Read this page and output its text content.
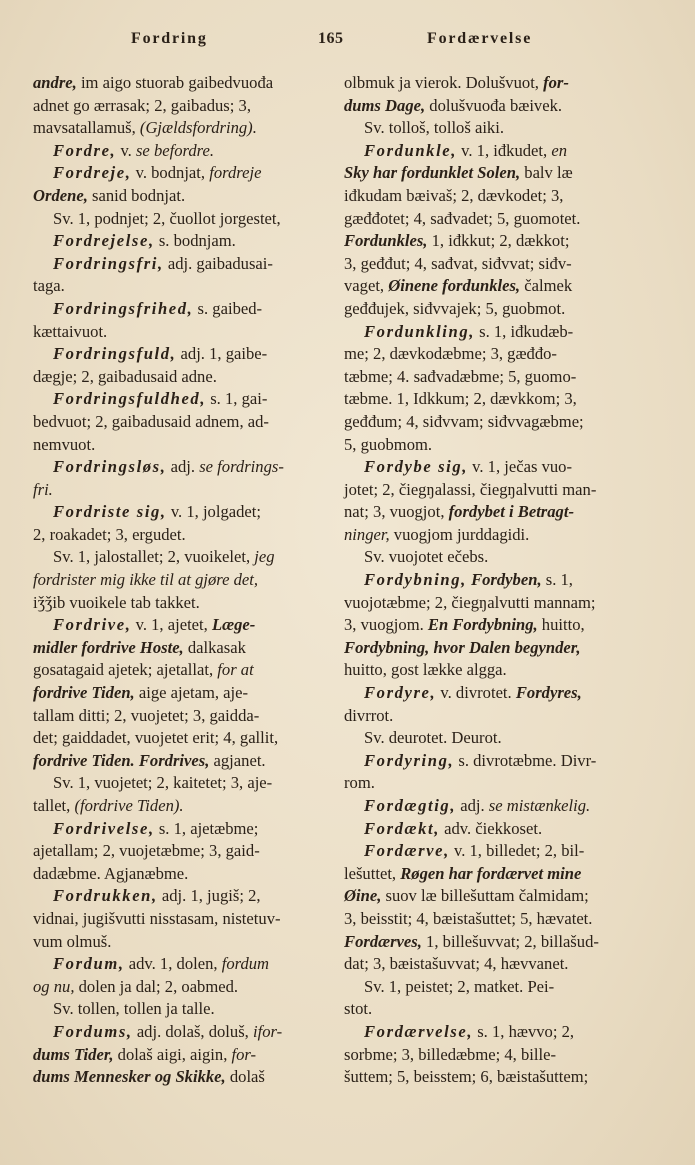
Fordring	165	Fordærvelse
andre, im aigo stuorab gaibedvuođa
adnet go ærrasak; 2, gaibadus; 3,
mavsatallamuš, (Gjældsfordring).
Fordre, v. se befordre.
Fordreje, v. bodnjat, fordreje
Ordene, sanid bodnjat.
Sv. 1, podnjet; 2, čuollot jorgestet,
Fordrejelse, s. bodnjam.
Fordringsfri, adj. gaibadusai-
taga.
Fordringsfrihed, s. gaibed-
kættaivuot.
Fordringsfuld, adj. 1, gaibe-
dægje; 2, gaibadusaid adne.
Fordringsfuldhed, s. 1, gai-
bedvuot; 2, gaibadusaid adnem, ad-
nemvuot.
Fordringsløs, adj. se fordrings-
fri.
Fordriste sig, v. 1, jolgadet;
2, roakadet; 3, ergudet.
Sv. 1, jalostallet; 2, vuoikelet, jeg
fordrister mig ikke til at gjøre det,
iǯǯib vuoikele tab takket.
Fordrive, v. 1, ajetet, Læge-
midler fordrive Hoste, dalkasak
gosatagaid ajetek; ajetallat, for at
fordrive Tiden, aige ajetam, aje-
tallam ditti; 2, vuojetet; 3, gaidda-
det; gaiddadet, vuojetet erit; 4, gallit,
fordrive Tiden. Fordrives, agjanet.
Sv. 1, vuojetet; 2, kaitetet; 3, aje-
tallet, (fordrive Tiden).
Fordrivelse, s. 1, ajetæbme;
ajetallam; 2, vuojetæbme; 3, gaid-
dadæbme. Agjanæbme.
Fordrukken, adj. 1, jugiš; 2,
vidnai, jugišvutti nisstasam, nistetuv-
vum olmuš.
Fordum, adv. 1, dolen, fordum
og nu, dolen ja dal; 2, oabmed.
Sv. tollen, tollen ja talle.
Fordums, adj. dolaš, doluš, ifor-
dums Tider, dolaš aigi, aigin, for-
dums Mennesker og Skikke, dolaš
olbmuk ja vierok. Dolušvuot, for-
dums Dage, dolušvuođa bæivek.
Sv. tolloš, tolloš aiki.
Fordunkle, v. 1, iđkudet, en
Sky har fordunklet Solen, balv læ
iđkudam bæivaš; 2, dævkodet; 3,
gæđđotet; 4, sađvadet; 5, guomotet.
Fordunkles, 1, iđkkut; 2, dækkot;
3, geđđut; 4, sađvat, siđvvat; siđv-
vaget, Øinene fordunkles, čalmek
geđđujek, siđvvajek; 5, guobmot.
Fordunkling, s. 1, iđkudæb-
me; 2, dævkodæbme; 3, gæđđo-
tæbme; 4. sađvadæbme; 5, guomo-
tæbme. 1, Idkkum; 2, dævkkom; 3,
geđđum; 4, siđvvam; siđvvagæbme;
5, guobmom.
Fordybe sig, v. 1, ječas vuo-
jotet; 2, čiegŋalassi, čiegŋalvutti man-
nat; 3, vuogjot, fordybet i Betragt-
ninger, vuogjom jurddagidi.
Sv. vuojotet ečebs.
Fordybning, Fordyben, s. 1,
vuojotæbme; 2, čiegŋalvutti mannam;
3, vuogjom. En Fordybning, huitto,
Fordybning, hvor Dalen begynder,
huitto, gost lække algga.
Fordyre, v. divrotet. Fordyres,
divrrot.
Sv. deurotet. Deurot.
Fordyring, s. divrotæbme. Divr-
rom.
Fordægtig, adj. se mistænkelig.
Fordækt, adv. čiekkoset.
Fordærve, v. 1, billedet; 2, bil-
lešuttet, Røgen har fordærvet mine
Øine, suov læ billešuttam čalmidam;
3, beisstit; 4, bæistašuttet; 5, hævatet.
Fordærves, 1, billešuvvat; 2, billašud-
dat; 3, bæistašuvvat; 4, hævvanet.
Sv. 1, peistet; 2, matket. Pei-
stot.
Fordærvelse, s. 1, hævvo; 2,
sorbme; 3, billedæbme; 4, bille-
šuttem; 5, beisstem; 6, bæistašuttem;
